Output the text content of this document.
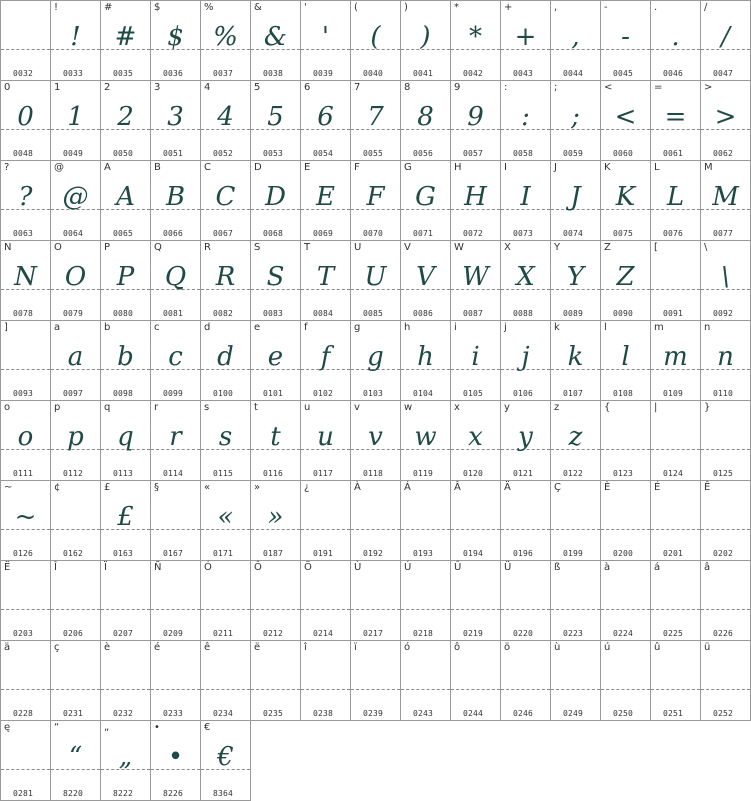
0032
!
!
0033
#
#
0035
$
$
0036
%
%
0037
&
&
0038
'
'
0039
(
(
0040
)
)
0041
*
*
0042
+
+
0043
,
,
0044
-
-
0045
.
.
0046
/
/
0047
0
0
0048
1
1
0049
2
2
0050
3
3
0051
4
4
0052
5
5
0053
6
6
0054
7
7
0055
8
8
0056
9
9
0057
:
:
0058
;
;
0059
<
<
0060
=
=
0061
>
>
0062
?
?
0063
@
@
0064
A
A
0065
B
B
0066
C
C
0067
D
D
0068
E
E
0069
F
F
0070
G
G
0071
H
H
0072
I
I
0073
J
J
0074
K
K
0075
L
L
0076
M
M
0077
N
N
0078
O
O
0079
P
P
0080
Q
Q
0081
R
R
0082
S
S
0083
T
T
0084
U
U
0085
V
V
0086
W
W
0087
X
X
0088
Y
Y
0089
Z
Z
0090
[
0091
\
\
0092
]
0093
a
a
0097
b
b
0098
c
c
0099
d
d
0100
e
e
0101
f
f
0102
g
g
0103
h
h
0104
i
i
0105
j
j
0106
k
k
0107
l
l
0108
m
m
0109
n
n
0110
o
o
0111
p
p
0112
q
q
0113
r
r
0114
s
s
0115
t
t
0116
u
u
0117
v
v
0118
w
w
0119
x
x
0120
y
y
0121
z
z
0122
{
0123
|
0124
}
0125
~
~
0126
¢
0162
£
£
0163
§
0167
«
«
0171
»
»
0187
¿
0191
À
0192
Á
0193
Â
0194
Ä
0196
Ç
0199
È
0200
É
0201
Ê
0202
Ë
0203
Î
0206
Ï
0207
Ñ
0209
Ó
0211
Ô
0212
Ö
0214
Ù
0217
Ú
0218
Û
0219
Ü
0220
ß
0223
à
0224
á
0225
â
0226
ä
0228
ç
0231
è
0232
é
0233
ê
0234
ë
0235
î
0238
ï
0239
ó
0243
ô
0244
ö
0246
ù
0249
ú
0250
û
0251
ü
0252
ę
0281
“
“
8220
„
„
8222
•
•
8226
€
€
8364
